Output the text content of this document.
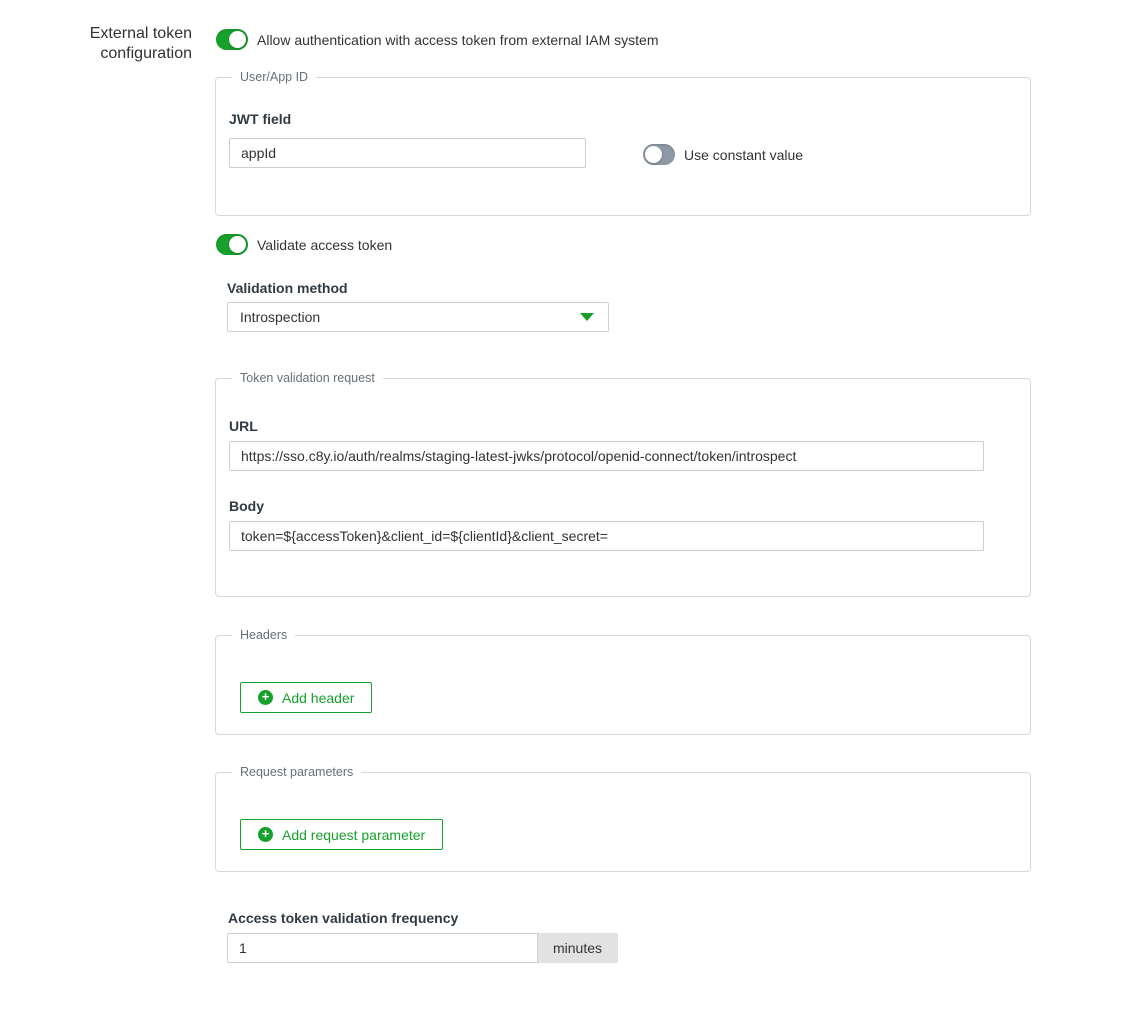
External token configuration
Allow authentication with access token from external IAM system
User/App ID
JWT field
appId
Use constant value
Validate access token
Validation method
Introspection
Token validation request
URL
https://sso.c8y.io/auth/realms/staging-latest-jwks/protocol/openid-connect/token/introspect
Body
token=${accessToken}&client_id=${clientId}&client_secret=
Headers
+ Add header
Request parameters
+ Add request parameter
Access token validation frequency
1
minutes
